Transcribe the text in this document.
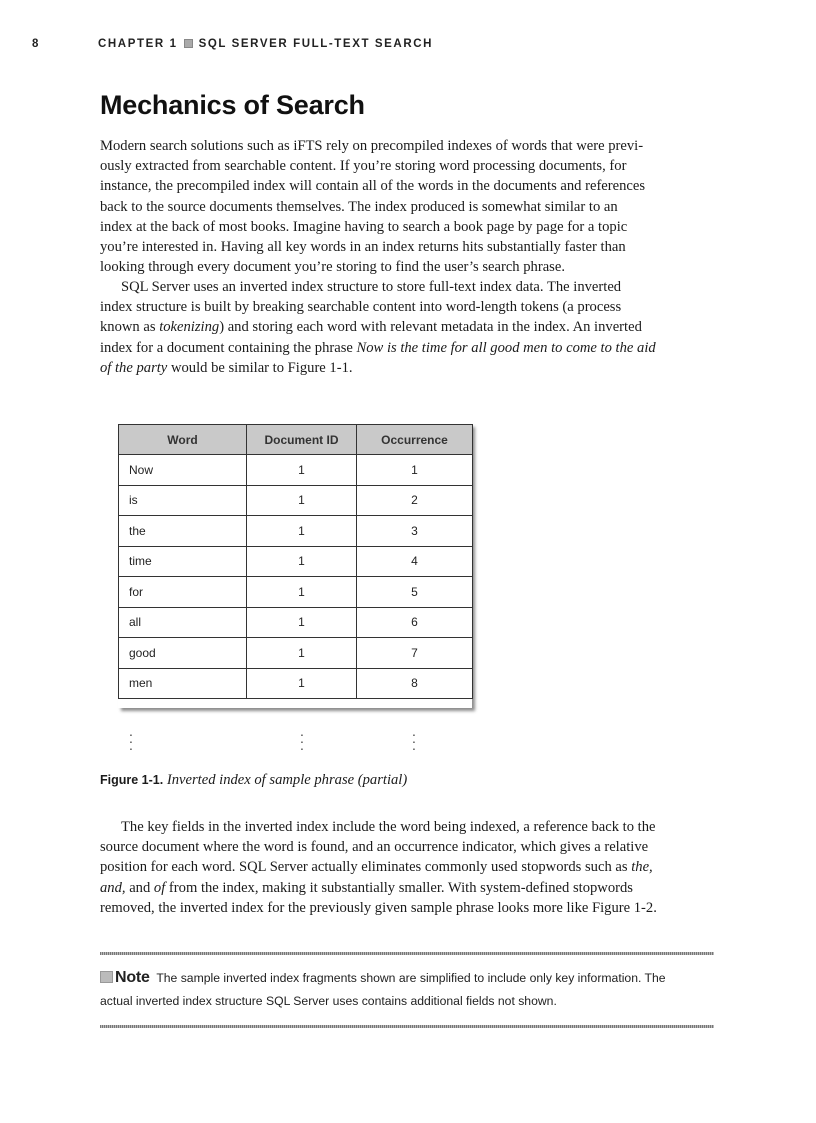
8	CHAPTER 1 SQL SERVER FULL-TEXT SEARCH
Mechanics of Search

Modern search solutions such as iFTS rely on precompiled indexes of words that were previ-
ously extracted from searchable content. If you’re storing word processing documents, for
instance, the precompiled index will contain all of the words in the documents and references
back to the source documents themselves. The index produced is somewhat similar to an
index at the back of most books. Imagine having to search a book page by page for a topic
you’re interested in. Having all key words in an index returns hits substantially faster than
looking through every document you’re storing to find the user’s search phrase.

SQL Server uses an inverted index structure to store full-text index data. The inverted
index structure is built by breaking searchable content into word-length tokens (a process
known as tokenizing) and storing each word with relevant metadata in the index. An inverted
index for a document containing the phrase Now is the time for all good men to come to the aid
of the party would be similar to Figure 1-1.

Word	Document ID	Occurrence
Now	1	1
is	1	2
the	1	3
time	1	4
for	1	5
all	1	6
good	1	7
men	1	8
.
.
.
.
.
.
.
.
.
Figure 1-1. Inverted index of sample phrase (partial)

The key fields in the inverted index include the word being indexed, a reference back to the
source document where the word is found, and an occurrence indicator, which gives a relative
position for each word. SQL Server actually eliminates commonly used stopwords such as the,
and, and of from the index, making it substantially smaller. With system-defined stopwords
removed, the inverted index for the previously given sample phrase looks more like Figure 1-2.

Note The sample inverted index fragments shown are simplified to include only key information. The
actual inverted index structure SQL Server uses contains additional fields not shown.
